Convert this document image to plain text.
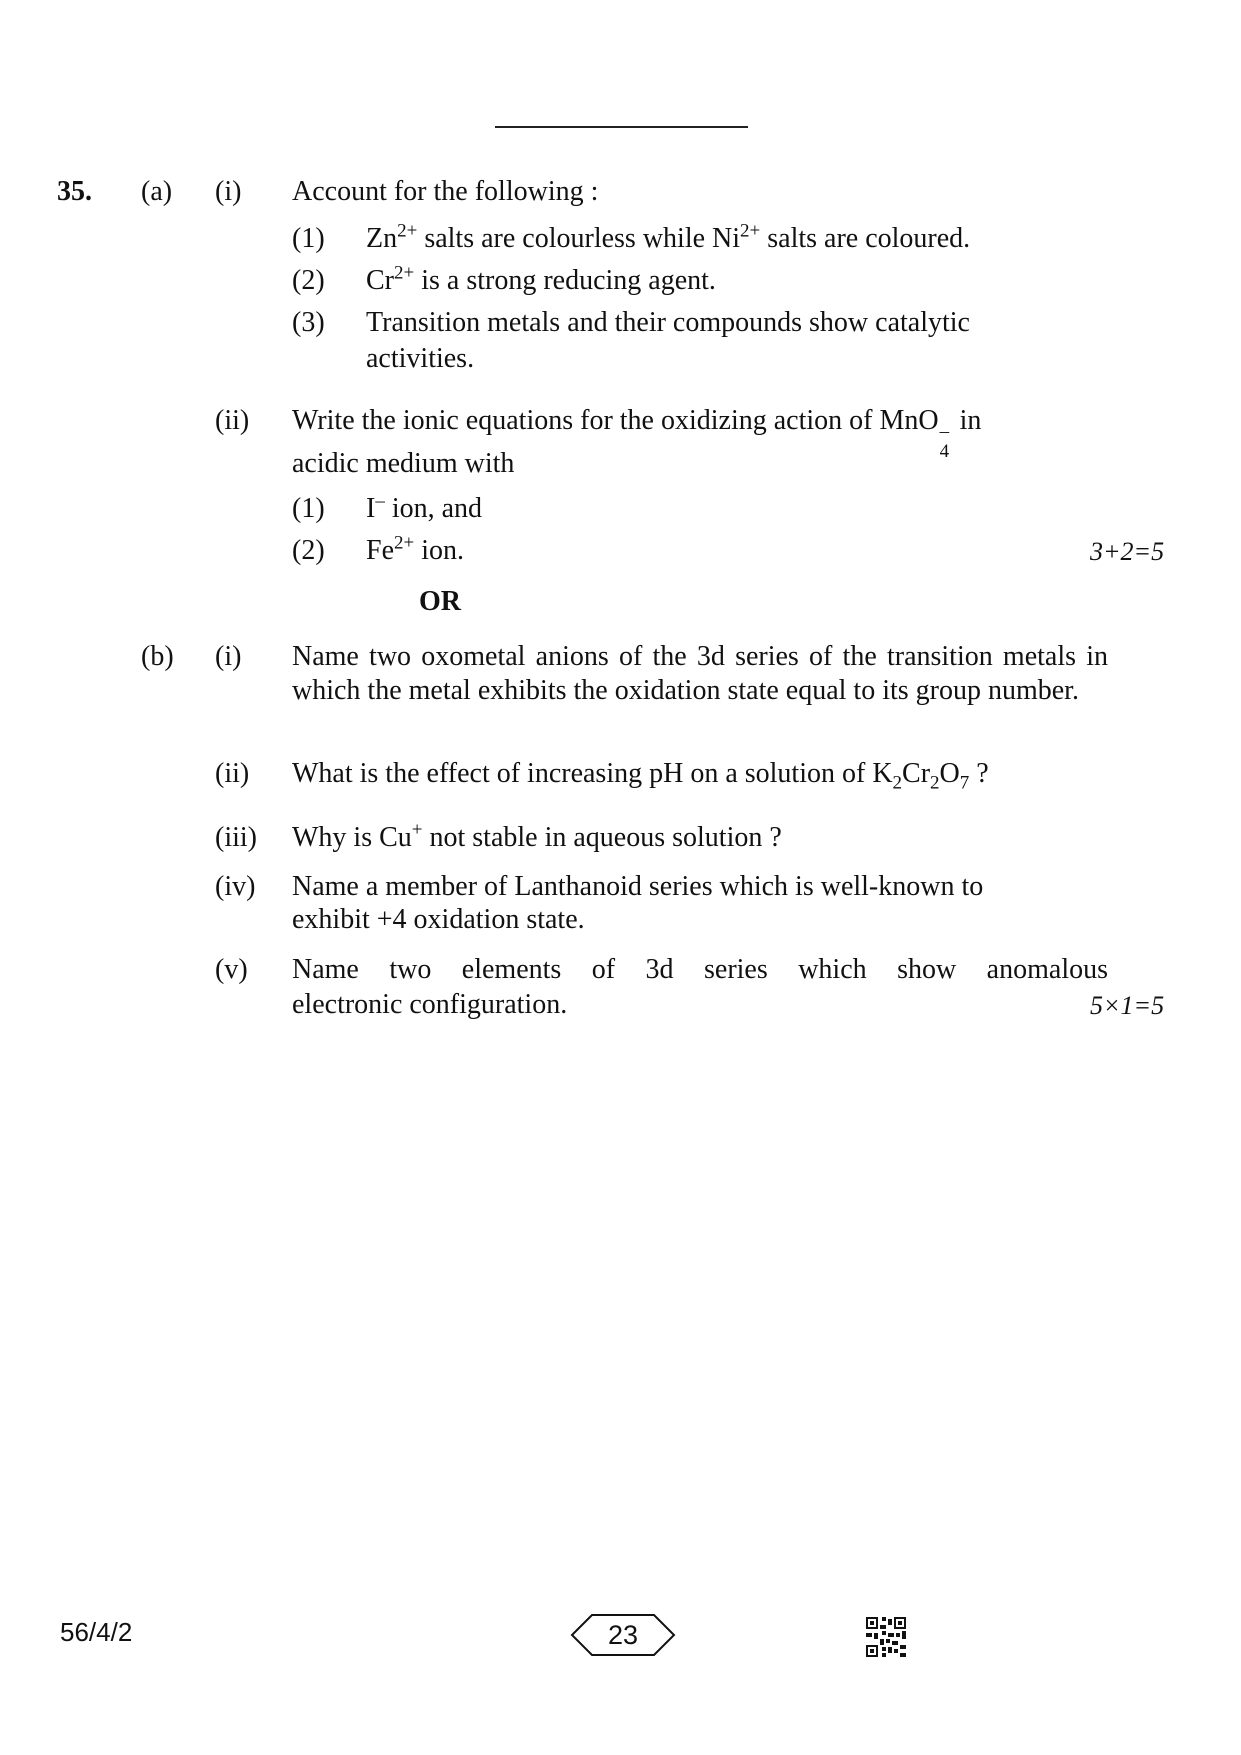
35. (a) (i) Account for the following :
(1) $Zn^{2+}$ salts are colourless while $Ni^{2+}$ salts are coloured.
(2) $Cr^{2+}$ is a strong reducing agent.
(3) Transition metals and their compounds show catalytic
activities.
(ii) Write the ionic equations for the oxidizing action of MnO –
4
in
acidic medium with
(1) I– ion, and
(2) $Fe^{2+}$ ion.	3+2=5
OR
(b) (i) Name two oxometal anions of the 3d series of the transition metals in which the metal exhibits the oxidation state equal to its group number.
(ii) What is the effect of increasing pH on a solution of $K_2Cr_2O_7$ ?
(iii) Why is Cu+ not stable in aqueous solution ?
(iv) Name a member of Lanthanoid series which is well-known to
exhibit +4 oxidation state.
(v) Name two elements of 3d series which show anomalous
electronic configuration.	5×1=5
56/4/2	23
